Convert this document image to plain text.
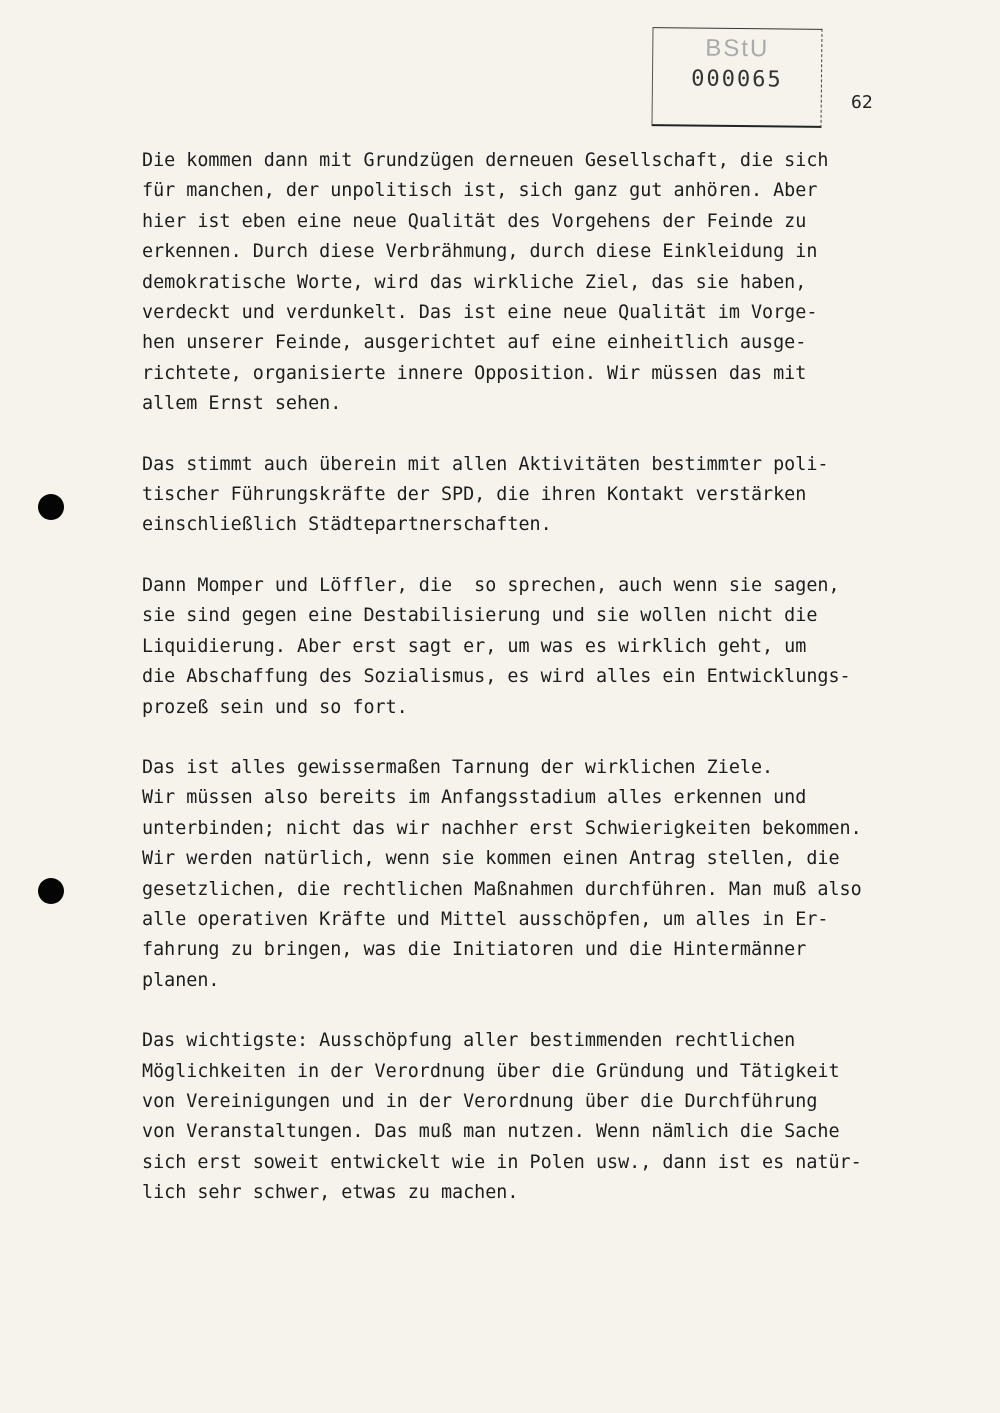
BStU
000065
62

Die kommen dann mit Grundzügen derneuen Gesellschaft, die sich

für manchen, der unpolitisch ist, sich ganz gut anhören. Aber

hier ist eben eine neue Qualität des Vorgehens der Feinde zu

erkennen. Durch diese Verbrähmung, durch diese Einkleidung in

demokratische Worte, wird das wirkliche Ziel, das sie haben,

verdeckt und verdunkelt. Das ist eine neue Qualität im Vorge-

hen unserer Feinde, ausgerichtet auf eine einheitlich ausge-

richtete, organisierte innere Opposition. Wir müssen das mit

allem Ernst sehen.

Das stimmt auch überein mit allen Aktivitäten bestimmter poli-

tischer Führungskräfte der SPD, die ihren Kontakt verstärken

einschließlich Städtepartnerschaften.

Dann Momper und Löffler, die  so sprechen, auch wenn sie sagen,

sie sind gegen eine Destabilisierung und sie wollen nicht die

Liquidierung. Aber erst sagt er, um was es wirklich geht, um

die Abschaffung des Sozialismus, es wird alles ein Entwicklungs-

prozeß sein und so fort.

Das ist alles gewissermaßen Tarnung der wirklichen Ziele.

Wir müssen also bereits im Anfangsstadium alles erkennen und

unterbinden; nicht das wir nachher erst Schwierigkeiten bekommen.

Wir werden natürlich, wenn sie kommen einen Antrag stellen, die

gesetzlichen, die rechtlichen Maßnahmen durchführen. Man muß also

alle operativen Kräfte und Mittel ausschöpfen, um alles in Er-

fahrung zu bringen, was die Initiatoren und die Hintermänner

planen.

Das wichtigste: Ausschöpfung aller bestimmenden rechtlichen

Möglichkeiten in der Verordnung über die Gründung und Tätigkeit

von Vereinigungen und in der Verordnung über die Durchführung

von Veranstaltungen. Das muß man nutzen. Wenn nämlich die Sache

sich erst soweit entwickelt wie in Polen usw., dann ist es natür-

lich sehr schwer, etwas zu machen.
